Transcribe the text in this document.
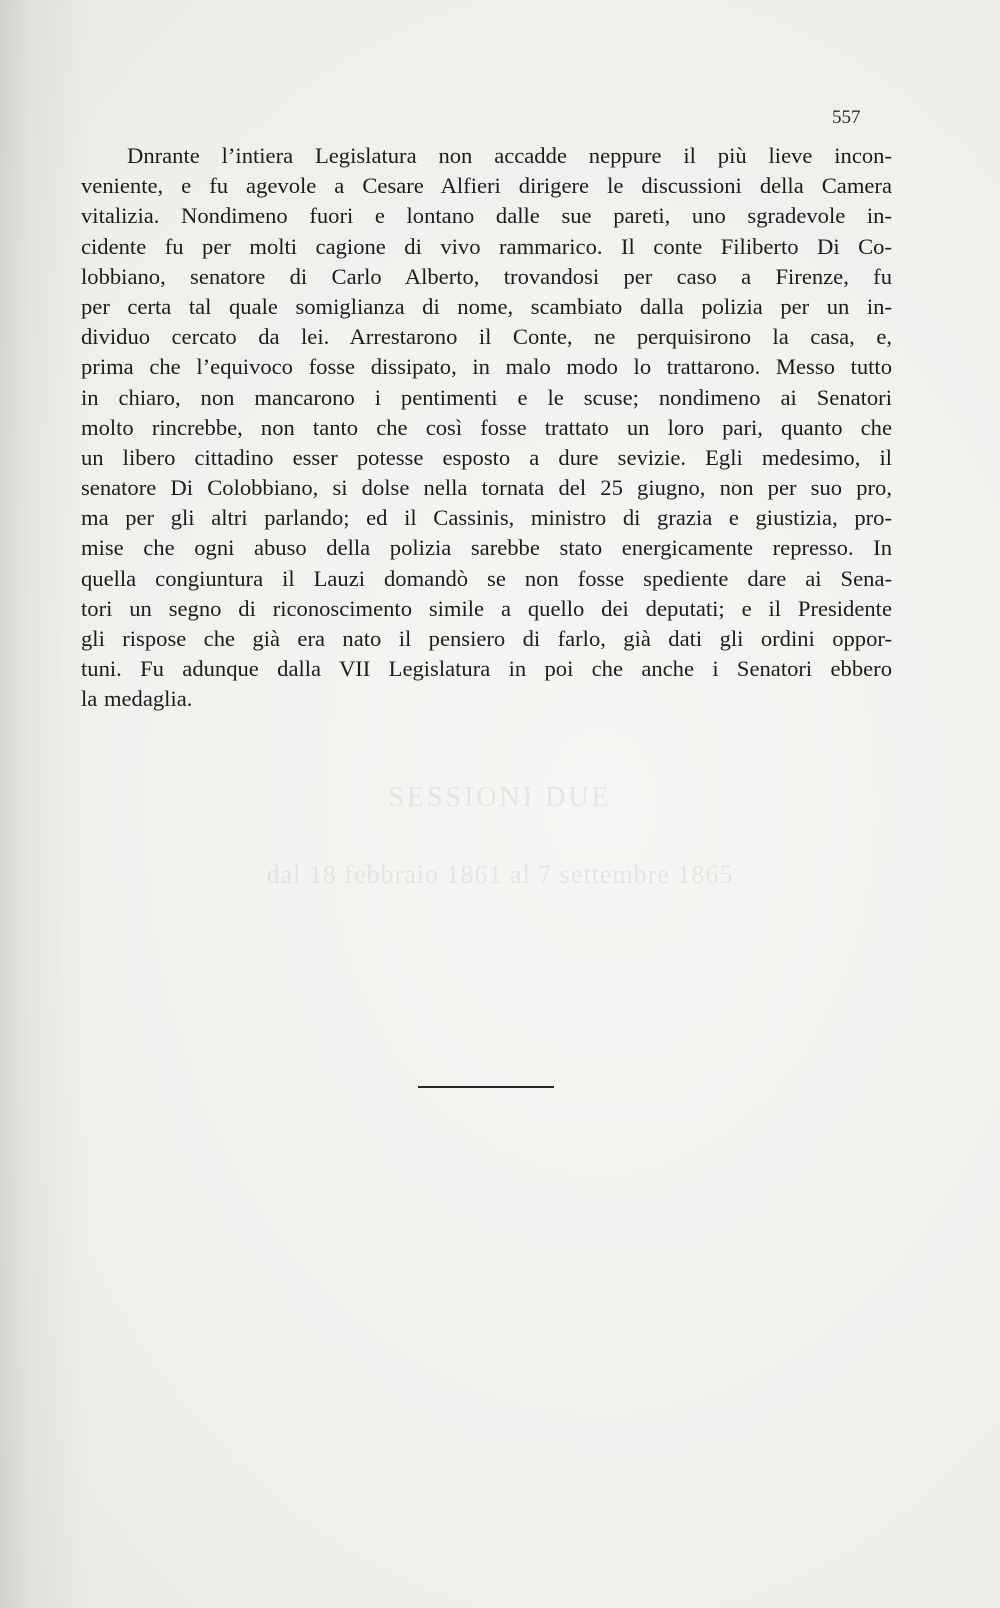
SESSIONI DUE
dal 18 febbraio 1861 al 7 settembre 1865
557
Dnrante l’intiera Legislatura non accadde neppure il più lieve incon-
veniente, e fu agevole a Cesare Alfieri dirigere le discussioni della Camera
vitalizia. Nondimeno fuori e lontano dalle sue pareti, uno sgradevole in-
cidente fu per molti cagione di vivo rammarico. Il conte Filiberto Di Co-
lobbiano, senatore di Carlo Alberto, trovandosi per caso a Firenze, fu
per certa tal quale somiglianza di nome, scambiato dalla polizia per un in-
dividuo cercato da lei. Arrestarono il Conte, ne perquisirono la casa, e,
prima che l’equivoco fosse dissipato, in malo modo lo trattarono. Messo tutto
in chiaro, non mancarono i pentimenti e le scuse; nondimeno ai Senatori
molto rincrebbe, non tanto che così fosse trattato un loro pari, quanto che
un libero cittadino esser potesse esposto a dure sevizie. Egli medesimo, il
senatore Di Colobbiano, si dolse nella tornata del 25 giugno, non per suo pro,
ma per gli altri parlando; ed il Cassinis, ministro di grazia e giustizia, pro-
mise che ogni abuso della polizia sarebbe stato energicamente represso. In
quella congiuntura il Lauzi domandò se non fosse spediente dare ai Sena-
tori un segno di riconoscimento simile a quello dei deputati; e il Presidente
gli rispose che già era nato il pensiero di farlo, già dati gli ordini oppor-
tuni. Fu adunque dalla VII Legislatura in poi che anche i Senatori ebbero
la medaglia.
